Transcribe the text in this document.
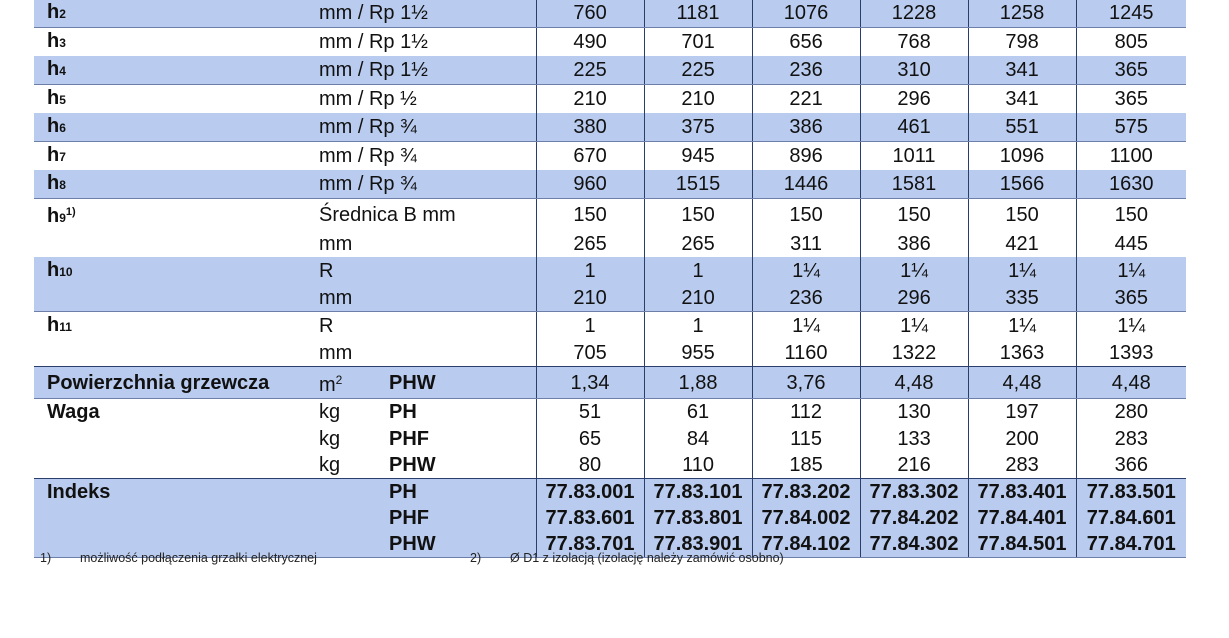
h2	mm / Rp 1½		760	1181	1076	1228	1258	1245
h3	mm / Rp 1½		490	701	656	768	798	805
h4	mm / Rp 1½		225	225	236	310	341	365
h5	mm / Rp ½		210	210	221	296	341	365
h6	mm / Rp ¾		380	375	386	461	551	575
h7	mm / Rp ¾		670	945	896	1011	1096	1100
h8	mm / Rp ¾		960	1515	1446	1581	1566	1630
h9$^{1)}$	Średnica B mm		150	150	150	150	150	150
	mm		265	265	311	386	421	445
h10	R		1	1	1¼	1¼	1¼	1¼
	mm		210	210	236	296	335	365
h11	R		1	1	1¼	1¼	1¼	1¼
	mm		705	955	1160	1322	1363	1393
Powierzchnia grzewcza	$m^2$	PHW	1,34	1,88	3,76	4,48	4,48	4,48
Waga	kg	PH	51	61	112	130	197	280
	kg	PHF	65	84	115	133	200	283
	kg	PHW	80	110	185	216	283	366
Indeks		PH	77.83.001	77.83.101	77.83.202	77.83.302	77.83.401	77.83.501
		PHF	77.83.601	77.83.801	77.84.002	77.84.202	77.84.401	77.84.601
		PHW	77.83.701	77.83.901	77.84.102	77.84.302	77.84.501	77.84.701
1) możliwość podłączenia grzałki elektrycznej	2) Ø D1 z izolacją (izolację należy zamówić osobno)
